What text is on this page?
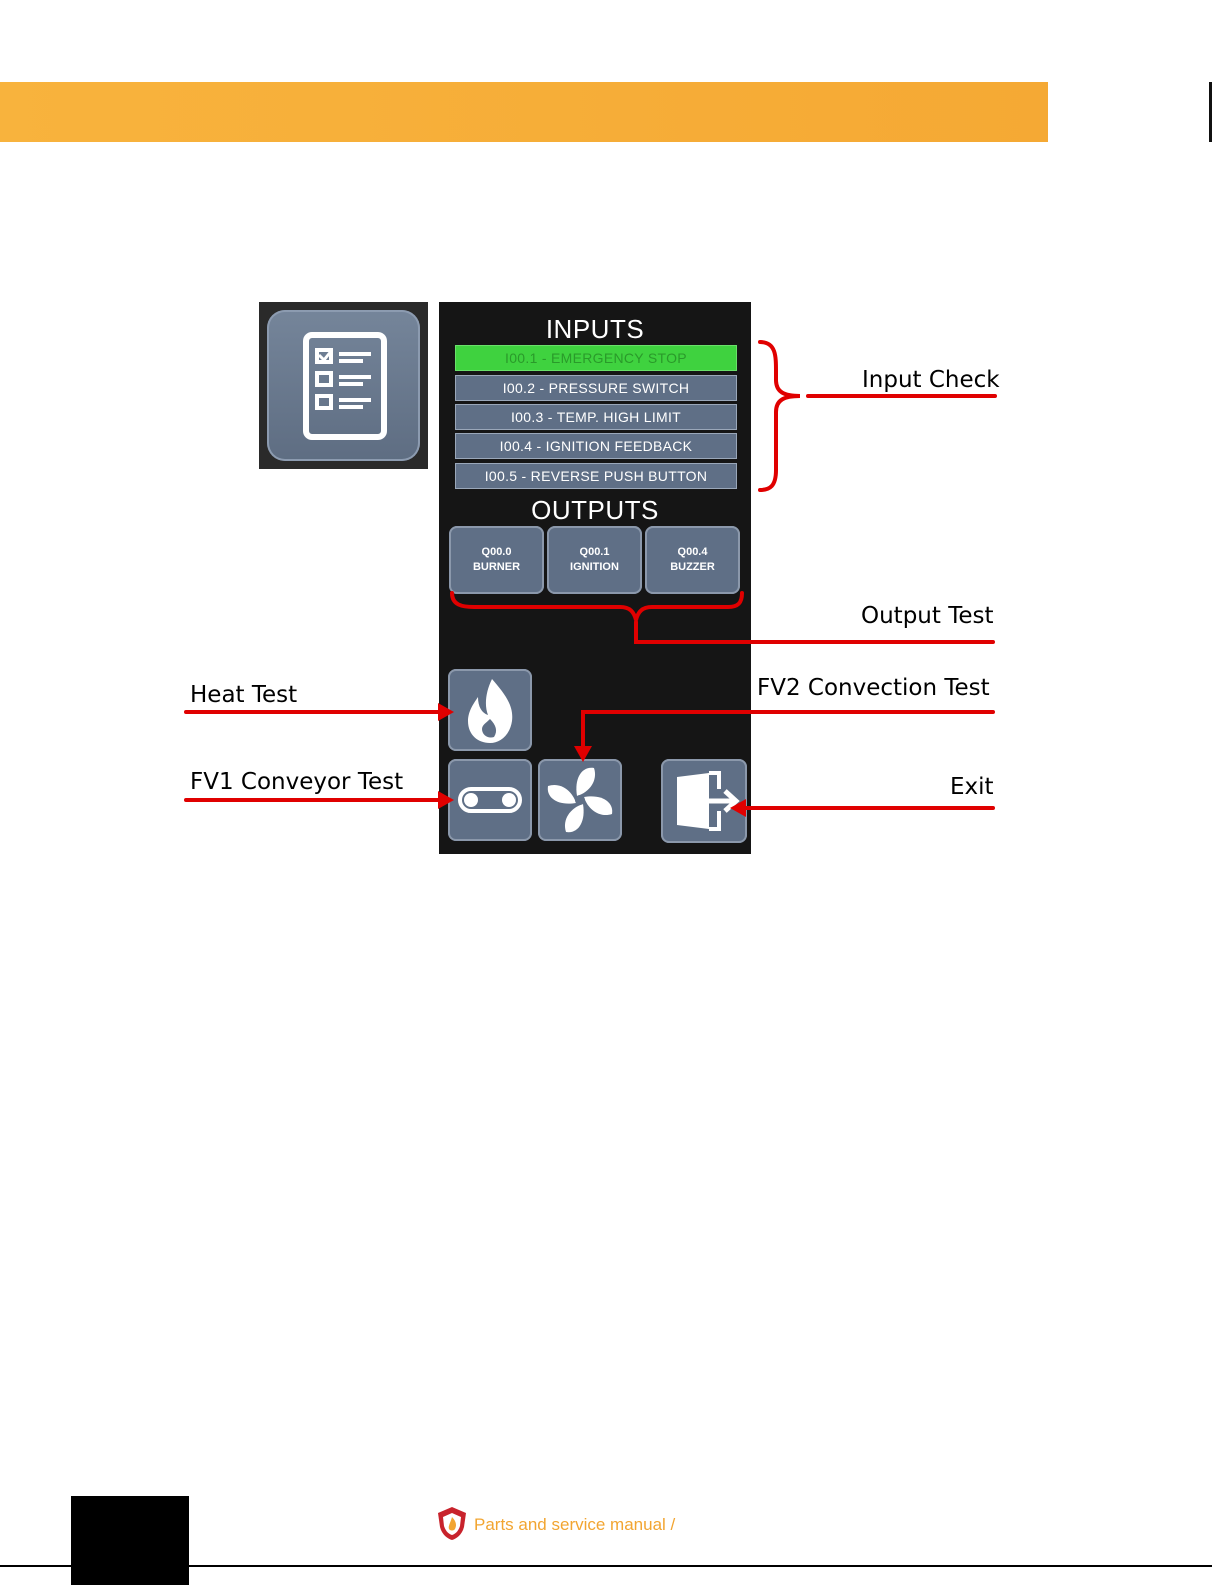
INPUTS
I00.1 - EMERGENCY STOP
I00.2 - PRESSURE SWITCH
I00.3 - TEMP. HIGH LIMIT
I00.4 - IGNITION FEEDBACK
I00.5 - REVERSE PUSH BUTTON
OUTPUTS
Q00.0
BURNER
Q00.1
IGNITION
Q00.4
BUZZER
Input Check
Output Test
Heat Test	FV2 Convection Test
FV1 Conveyor Test	Exit
Parts and service manual /
